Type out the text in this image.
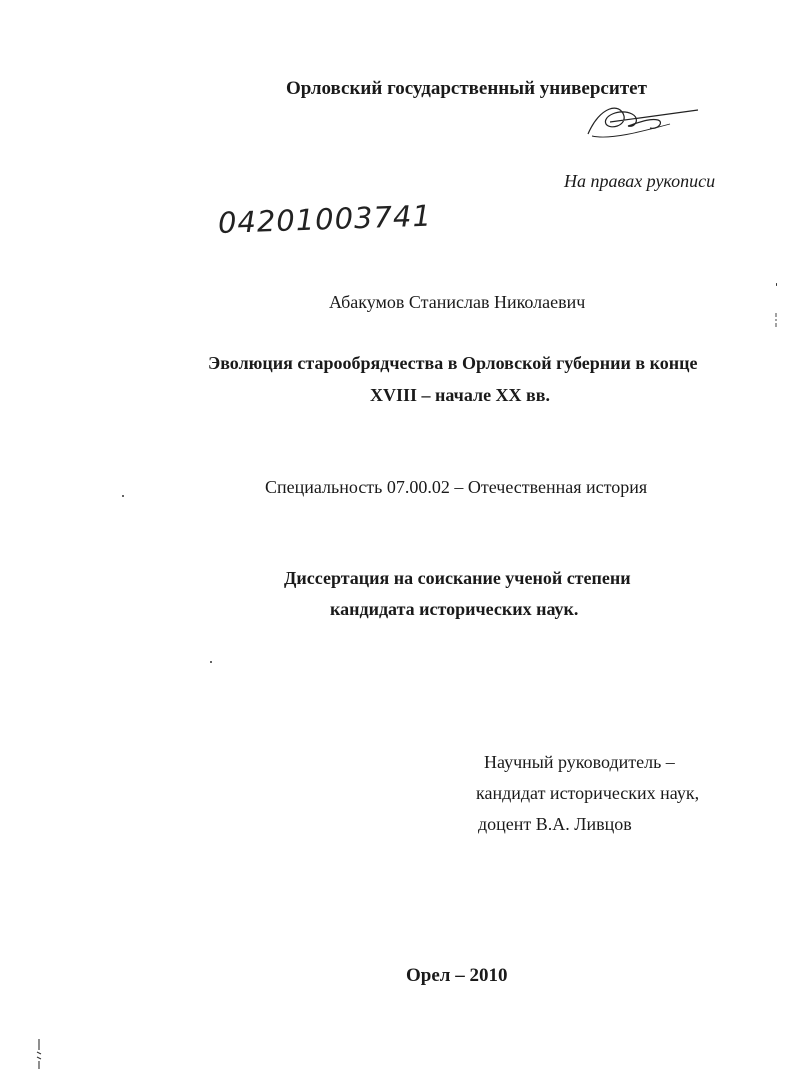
Орловский государственный университет
На правах рукописи
04201003741
Абакумов Станислав Николаевич
Эволюция старообрядчества в Орловской губернии в конце
XVIII – начале XX вв.
Специальность 07.00.02 – Отечественная история
Диссертация на соискание ученой степени
кандидата исторических наук.
Научный руководитель –
кандидат исторических наук,
доцент В.А. Ливцов
Орел – 2010
